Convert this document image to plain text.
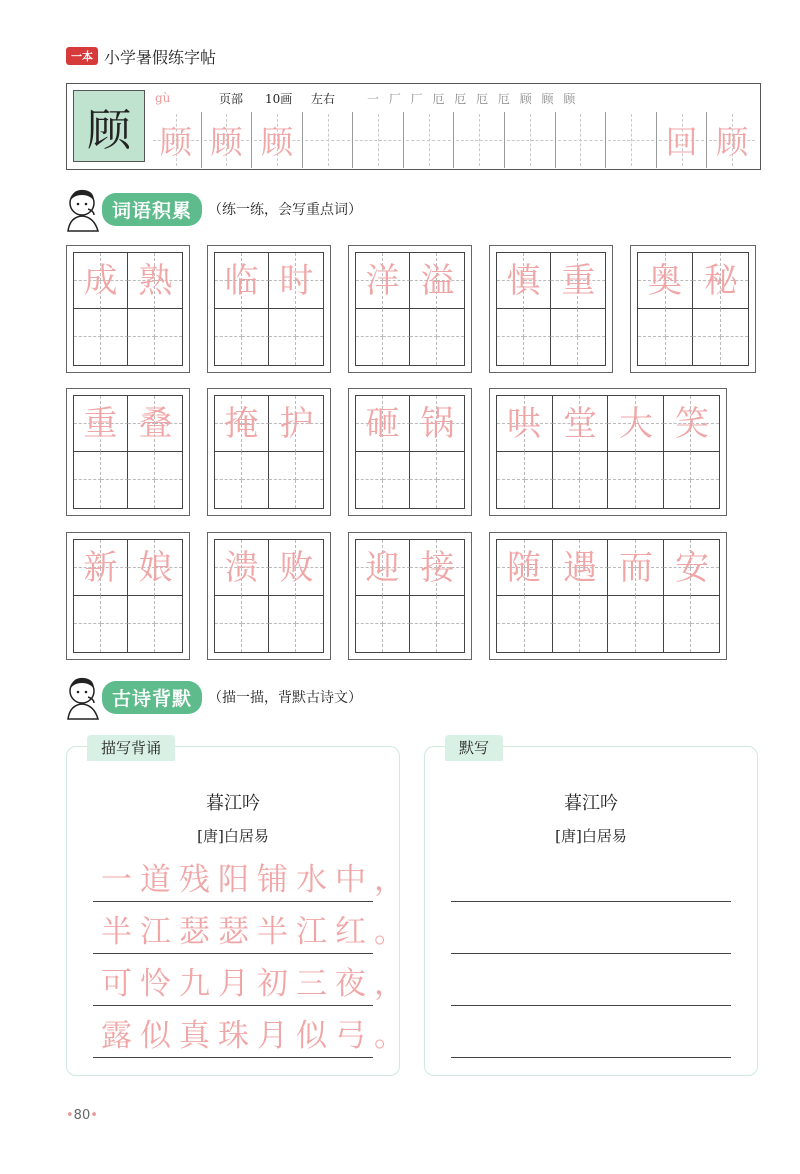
一本 小学暑假练字帖
顾
gù	页部	10画	左右	一 厂 厂 厄 厄 厄 厄 顾 顾 顾
顾 顾 顾	回 顾
词语积累	（练一练，会写重点词）
成 熟	临 时	洋 溢	慎 重	奥 秘
重 叠	掩 护	砸 锅	哄 堂 大 笑
新 娘	溃 败	迎 接	随 遇 而 安
古诗背默	（描一描，背默古诗文）
描写背诵
暮江吟
[唐]白居易
一道残阳铺水中，
半江瑟瑟半江红。
可怜九月初三夜，
露似真珠月似弓。
默写
暮江吟
[唐]白居易
•80•
